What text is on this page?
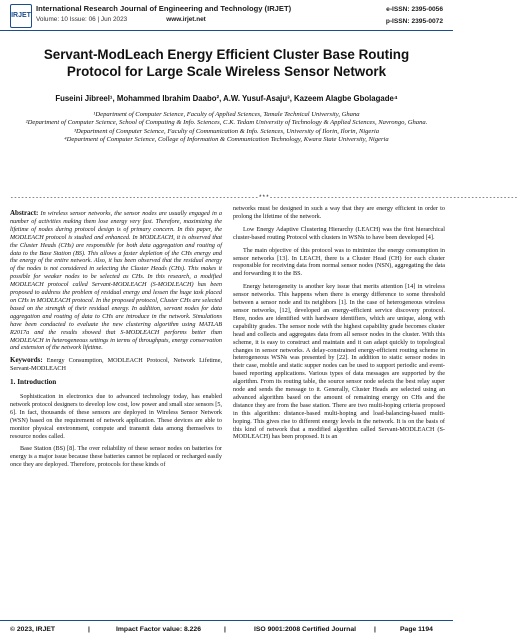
IRJET
International Research Journal of Engineering and Technology (IRJET)
Volume: 10 Issue: 06 | Jun 2023	www.irjet.net
e-ISSN: 2395-0056
p-ISSN: 2395-0072
Servant-ModLeach Energy Efficient Cluster Base Routing Protocol for Large Scale Wireless Sensor Network
Fuseini Jibreel¹, Mohammed Ibrahim Daabo², A.W. Yusuf-Asaju³, Kazeem Alagbe Gbolagade⁴
¹Department of Computer Science, Faculty of Applied Sciences, Tamale Technical University, Ghana
²Department of Computer Science, School of Computing & Info. Sciences, C.K. Tedam University of Technology & Applied Sciences, Navrongo, Ghana.
³Department of Computer Science, Faculty of Communication & Info. Sciences, University of Ilorin, Ilorin, Nigeria
⁴Department of Computer Science, College of Information & Communication Technology, Kwara State University, Nigeria
---------------------------------------------------------------------***---------------------------------------------------------------------

Abstract: In wireless sensor networks, the sensor nodes are usually engaged in a number of activities making them lose energy very fast. Therefore, maximizing the lifetime of nodes during protocol design is of primary concern. In this paper, the MODLEACH protocol is studied and enhanced. In MODLEACH, it is observed that the Cluster Heads (CHs) are responsible for both data aggregation and routing of data to the Base Station (BS). This allows a faster depletion of the CHs energy and the energy of the entire network. Also, it has been observed that the residual energy of the nodes is not considered in selecting the Cluster Heads (CHs). This makes it possible for weaker nodes to be selected as CHs. In this research, a modified MODLEACH protocol called Servant-MODLEACH (S-MODLEACH) has been proposed to address the problem of residual energy and lessen the huge task placed on CHs in MODLEACH protocol. In the proposed protocol, Cluster CHs are selected based on the strength of their residual energy. In addition, servant nodes for data aggregation and routing of data to CHs are introduce in the network. Simulations have been conducted to evaluate the new clustering algorithm using MATLAB R2017a and the results showed that S-MODLEACH performs better than MODLEACH in heterogeneous settings in terms of throughputs, energy conservation and extension of the network lifetime.

Keywords: Energy Consumption, MODLEACH Protocol, Network Lifetime, Servant-MODLEACH

1. Introduction

Sophistication in electronics due to advanced technology today, has enabled network protocol designers to develop low cost, low power and small size sensors [5, 6]. In fact, thousands of these sensors are deployed in Wireless Sensor Network (WSN) based on the requirement of network application. These devices are able to monitor physical environment, compute and transmit data among themselves to resource nodes called.

Base Station (BS) [8]. The over reliability of these sensor nodes on batteries for energy is a major issue because these batteries cannot be replaced or recharged easily once they are deployed. Therefore, protocols for these kinds of

networks must be designed in such a way that they are energy efficient in order to prolong the lifetime of the network.

Low Energy Adaptive Clustering Hierarchy (LEACH) was the first hierarchical cluster-based routing Protocol with clusters in WSNs to have been developed [4].

The main objective of this protocol was to minimize the energy consumption in sensor networks [13]. In LEACH, there is a Cluster Head (CH) for each cluster responsible for receiving data from normal sensor nodes (NSN), aggregating the data and forwarding it to the BS.

Energy heterogeneity is another key issue that merits attention [14] in wireless sensor networks. This happens when there is energy difference to some threshold between a sensor node and its neighbors [1]. In the case of heterogeneous wireless sensor networks, [12], developed an energy-efficient service discovery protocol. Here, nodes are identified with hardware identifiers, which are unique, along with capability grades. The sensor node with the highest capability grade becomes cluster head and collects and aggregates data from all sensor nodes in the cluster. With this scheme, it is easy to construct and maintain and it can adapt quickly to topological changes in sensor networks. A delay-constrained energy-efficient routing scheme in heterogeneous WSNs was presented by [22]. In addition to static sensor nodes in their case, mobile and static supper nodes can be used to support periodic and event-based reporting applications. Various types of data messages are supported by the algorithm. From its routing table, the source sensor node selects the best relay super node and sends the message to it. Generally, Cluster Heads are selected using an advanced algorithm based on the amount of remaining energy on CHs and the distance they are from the base station. There are two multi-hoping criteria proposed in this algorithm: distance-based multi-hoping and load-balancing-based multi-hoping. This gives rise to different energy levels in the network. It is on the basis of this kind of network that a modified algorithm called Servant-MODLEACH (S-MODLEACH) has been proposed. It is an

© 2023, IRJET	|	Impact Factor value: 8.226	|	ISO 9001:2008 Certified Journal	|	Page 1194
